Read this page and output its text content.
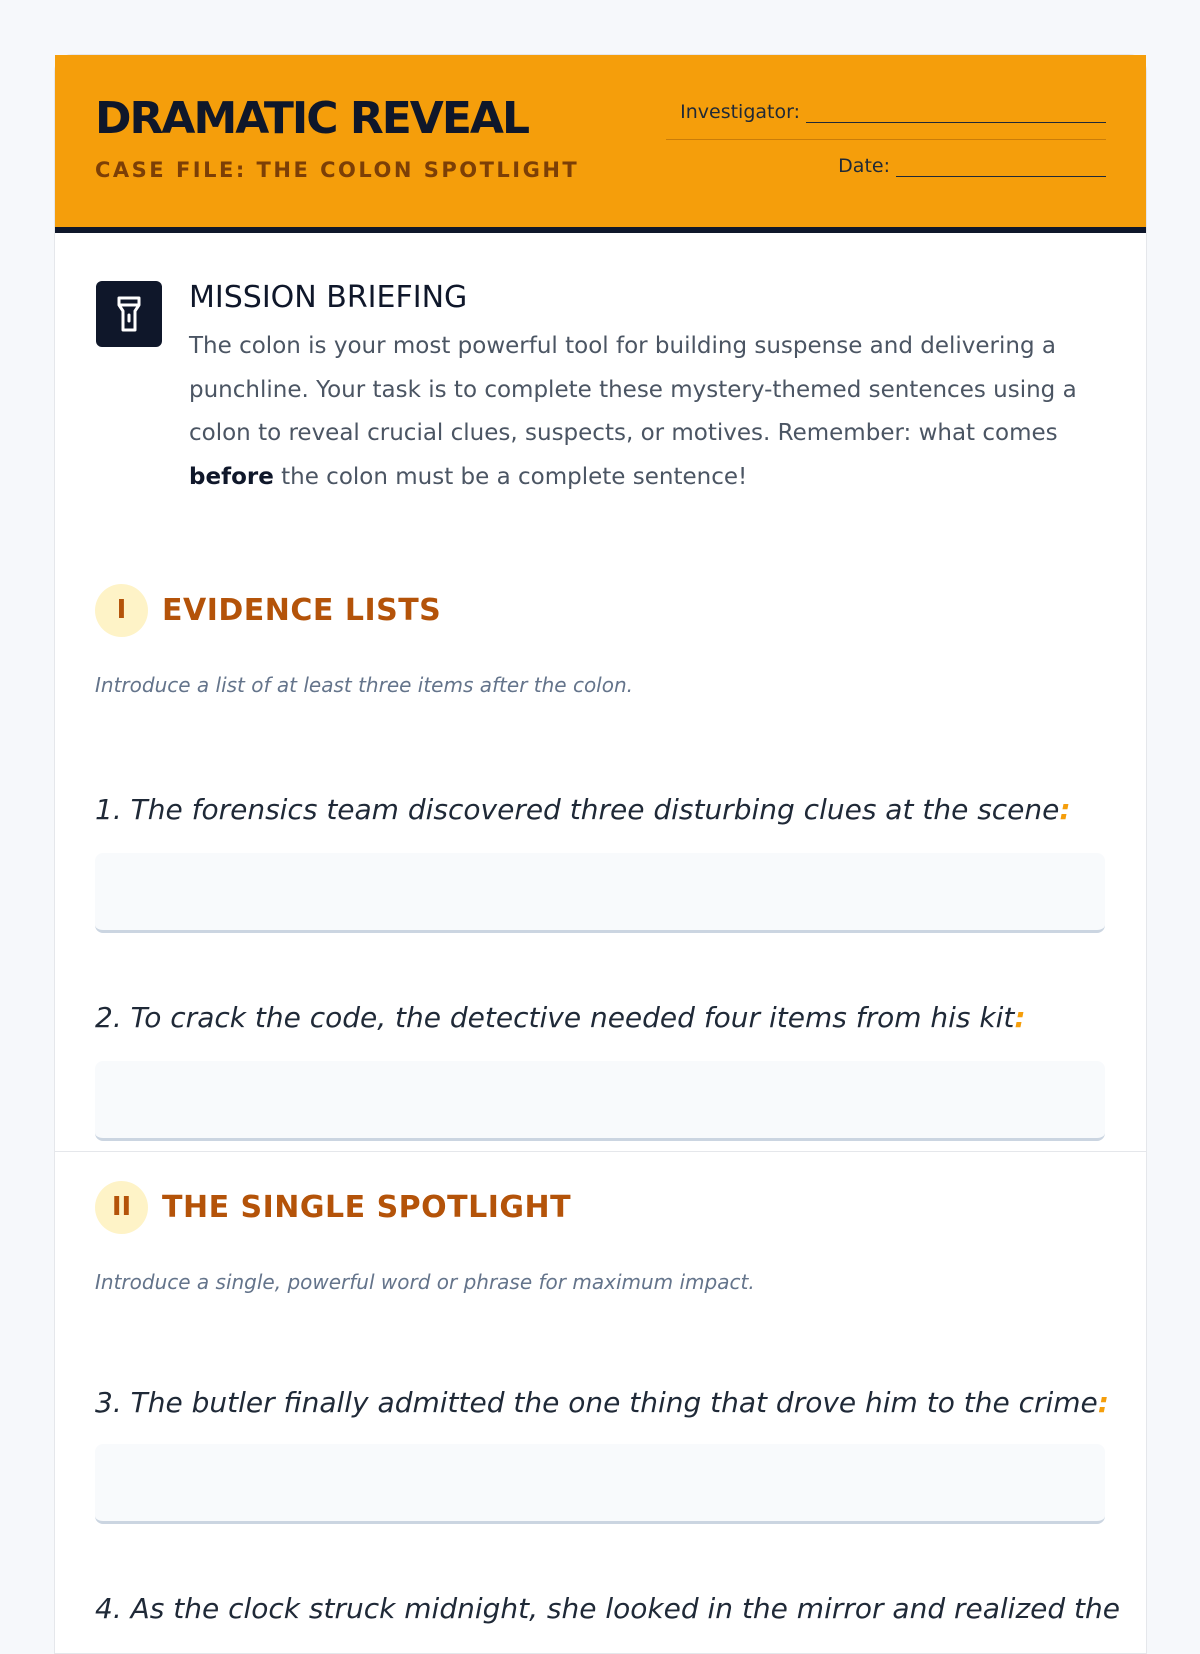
DRAMATIC REVEAL
CASE FILE: THE COLON SPOTLIGHT
Investigator:
Date:
MISSION BRIEFING
The colon is your most powerful tool for building suspense and delivering a punchline. Your task is to complete these mystery-themed sentences using a colon to reveal crucial clues, suspects, or motives. Remember: what comes before the colon must be a complete sentence!
I	EVIDENCE LISTS
Introduce a list of at least three items after the colon.
1. The forensics team discovered three disturbing clues at the scene:
2. To crack the code, the detective needed four items from his kit:
II	THE SINGLE SPOTLIGHT
Introduce a single, powerful word or phrase for maximum impact.
3. The butler finally admitted the one thing that drove him to the crime:
4. As the clock struck midnight, she looked in the mirror and realized the
